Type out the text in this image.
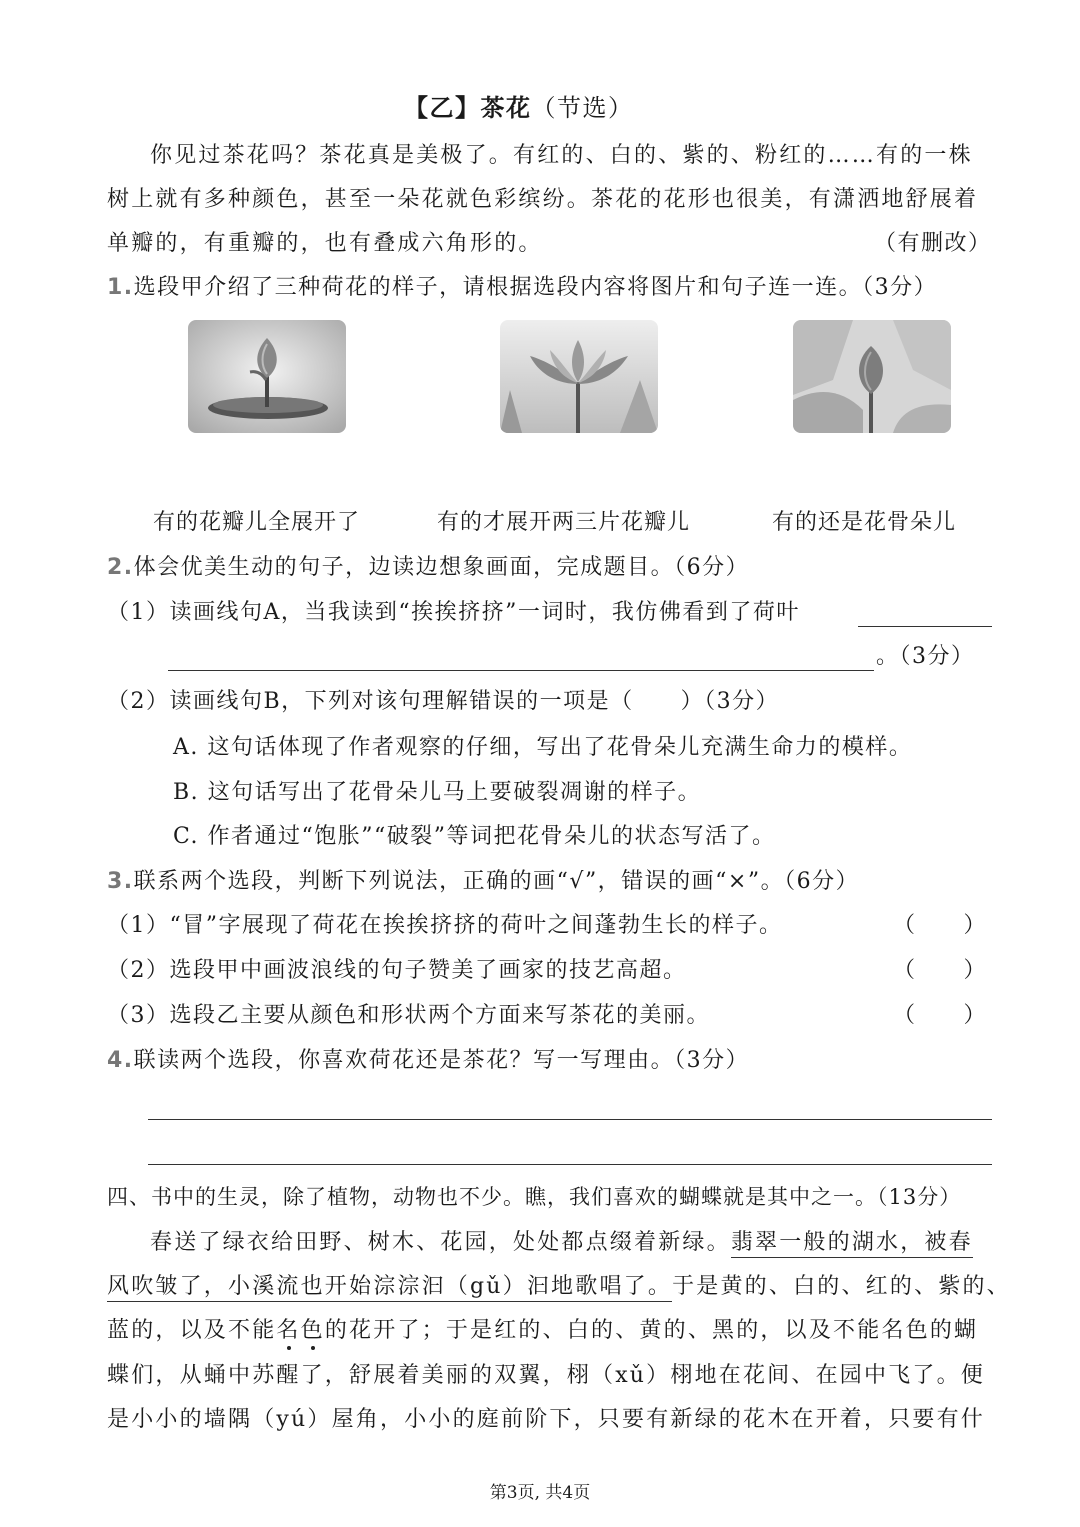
【乙】茶花（节选）
你见过茶花吗？茶花真是美极了。有红的、白的、紫的、粉红的……有的一株
树上就有多种颜色，甚至一朵花就色彩缤纷。茶花的花形也很美，有潇洒地舒展着
单瓣的，有重瓣的，也有叠成六角形的。	（有删改）
1.选段甲介绍了三种荷花的样子，请根据选段内容将图片和句子连一连。（3分）
有的花瓣儿全展开了	有的才展开两三片花瓣儿	有的还是花骨朵儿
2.体会优美生动的句子，边读边想象画面，完成题目。（6分）
（1）读画线句A，当我读到“挨挨挤挤”一词时，我仿佛看到了荷叶
。（3分）
（2）读画线句B，下列对该句理解错误的一项是（　　）（3分）
A. 这句话体现了作者观察的仔细，写出了花骨朵儿充满生命力的模样。
B. 这句话写出了花骨朵儿马上要破裂凋谢的样子。
C. 作者通过“饱胀”“破裂”等词把花骨朵儿的状态写活了。
3.联系两个选段，判断下列说法，正确的画“√”，错误的画“×”。（6分）
（1）“冒”字展现了荷花在挨挨挤挤的荷叶之间蓬勃生长的样子。	（　　）
（2）选段甲中画波浪线的句子赞美了画家的技艺高超。	（　　）
（3）选段乙主要从颜色和形状两个方面来写茶花的美丽。	（　　）
4.联读两个选段，你喜欢荷花还是茶花？写一写理由。（3分）
四、书中的生灵，除了植物，动物也不少。瞧，我们喜欢的蝴蝶就是其中之一。（13分）
春送了绿衣给田野、树木、花园，处处都点缀着新绿。翡翠一般的湖水，被春
风吹皱了，小溪流也开始淙淙汩（gǔ）汩地歌唱了。于是黄的、白的、红的、紫的、
蓝的，以及不能名色的花开了；于是红的、白的、黄的、黑的，以及不能名色的蝴
蝶们，从蛹中苏醒了，舒展着美丽的双翼，栩（xǔ）栩地在花间、在园中飞了。便
是小小的墙隅（yú）屋角，小小的庭前阶下，只要有新绿的花木在开着，只要有什
第3页, 共4页
